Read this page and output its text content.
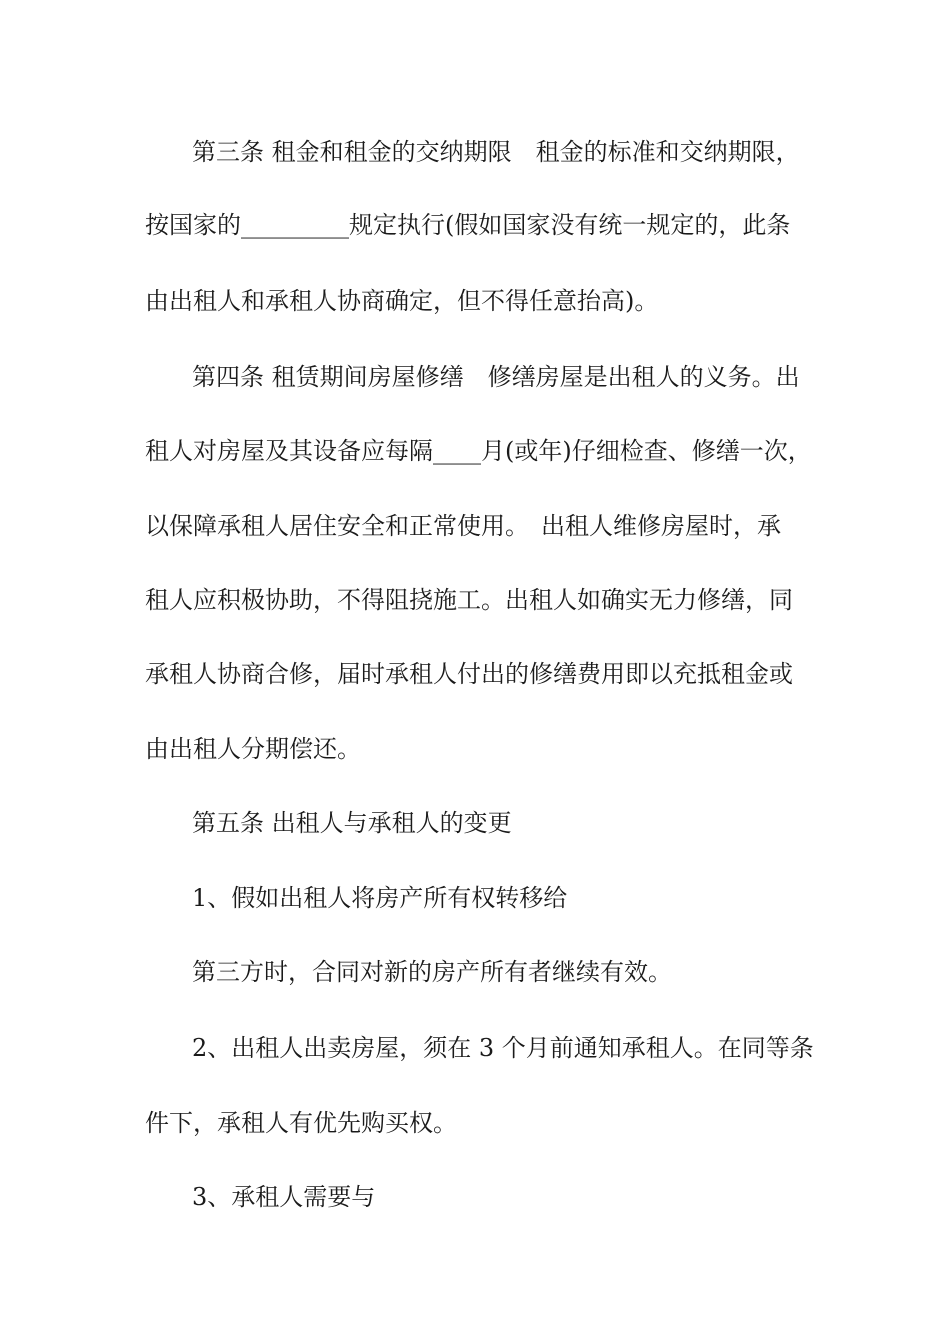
第三条 租金和租金的交纳期限　租金的标准和交纳期限，
按国家的_________规定执行(假如国家没有统一规定的，此条
由出租人和承租人协商确定，但不得任意抬高)。
第四条 租赁期间房屋修缮　修缮房屋是出租人的义务。出
租人对房屋及其设备应每隔____月(或年)仔细检查、修缮一次，
以保障承租人居住安全和正常使用。　出租人维修房屋时，承
租人应积极协助，不得阻挠施工。出租人如确实无力修缮，同
承租人协商合修，届时承租人付出的修缮费用即以充抵租金或
由出租人分期偿还。
第五条 出租人与承租人的变更
1、假如出租人将房产所有权转移给
第三方时，合同对新的房产所有者继续有效。
2、出租人出卖房屋，须在 3 个月前通知承租人。在同等条
件下，承租人有优先购买权。
3、承租人需要与
